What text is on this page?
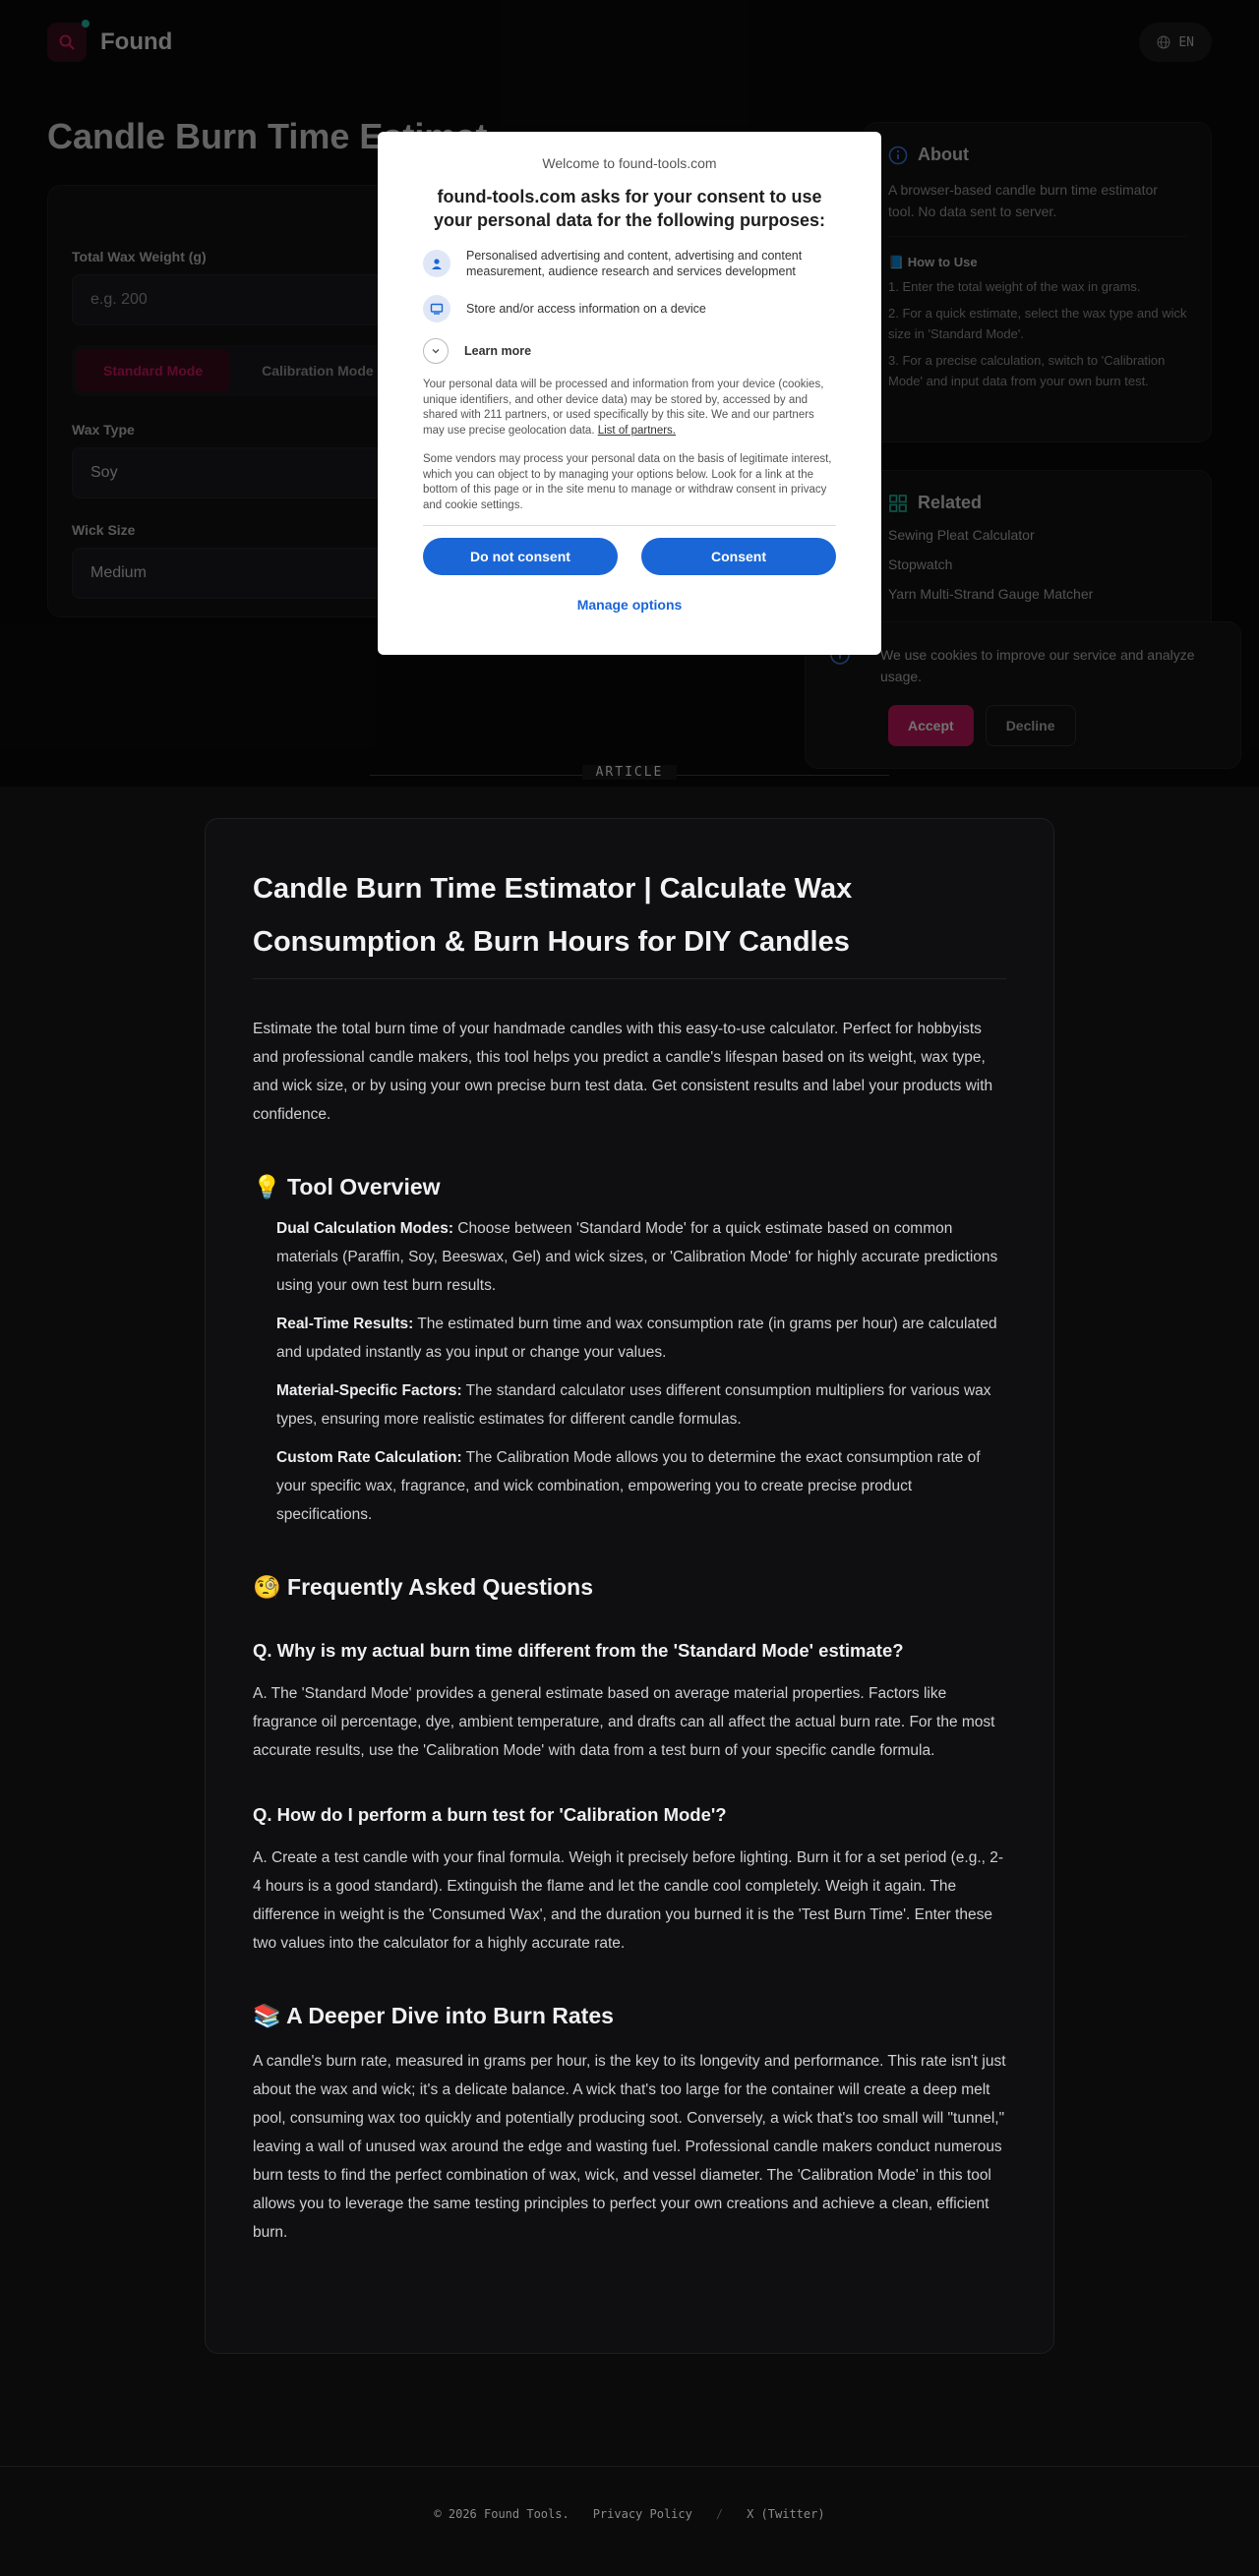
Welcome to found-tools.com
found-tools.com asks for your consent to use your personal data for the following purposes:
Personalised advertising and content, advertising and content measurement, audience research and services development
Store and/or access information on a device
Learn more
Your personal data will be processed and information from your device (cookies, unique identifiers, and other device data) may be stored by, accessed by and shared with 211 partners, or used specifically by this site. We and our partners may use precise geolocation data. List of partners.
Some vendors may process your personal data on the basis of legitimate interest, which you can object to by managing your options below. Look for a link at the bottom of this page or in the site menu to manage or withdraw consent in privacy and cookie settings.
Do not consent	Consent
Manage options
ARTICLE
Candle Burn Time Estimator | Calculate Wax Consumption & Burn Hours for DIY Candles

Estimate the total burn time of your handmade candles with this easy-to-use calculator. Perfect for hobbyists and professional candle makers, this tool helps you predict a candle's lifespan based on its weight, wax type, and wick size, or by using your own precise burn test data. Get consistent results and label your products with confidence.

💡 Tool Overview

Dual Calculation Modes: Choose between 'Standard Mode' for a quick estimate based on common materials (Paraffin, Soy, Beeswax, Gel) and wick sizes, or 'Calibration Mode' for highly accurate predictions using your own test burn results.

Real-Time Results: The estimated burn time and wax consumption rate (in grams per hour) are calculated and updated instantly as you input or change your values.

Material-Specific Factors: The standard calculator uses different consumption multipliers for various wax types, ensuring more realistic estimates for different candle formulas.

Custom Rate Calculation: The Calibration Mode allows you to determine the exact consumption rate of your specific wax, fragrance, and wick combination, empowering you to create precise product specifications.

🧐 Frequently Asked Questions
Q. Why is my actual burn time different from the 'Standard Mode' estimate?

A. The 'Standard Mode' provides a general estimate based on average material properties. Factors like fragrance oil percentage, dye, ambient temperature, and drafts can all affect the actual burn rate. For the most accurate results, use the 'Calibration Mode' with data from a test burn of your specific candle formula.

Q. How do I perform a burn test for 'Calibration Mode'?

A. Create a test candle with your final formula. Weigh it precisely before lighting. Burn it for a set period (e.g., 2-4 hours is a good standard). Extinguish the flame and let the candle cool completely. Weigh it again. The difference in weight is the 'Consumed Wax', and the duration you burned it is the 'Test Burn Time'. Enter these two values into the calculator for a highly accurate rate.

📚 A Deeper Dive into Burn Rates

A candle's burn rate, measured in grams per hour, is the key to its longevity and performance. This rate isn't just about the wax and wick; it's a delicate balance. A wick that's too large for the container will create a deep melt pool, consuming wax too quickly and potentially producing soot. Conversely, a wick that's too small will "tunnel," leaving a wall of unused wax around the edge and wasting fuel. Professional candle makers conduct numerous burn tests to find the perfect combination of wax, wick, and vessel diameter. The 'Calibration Mode' in this tool allows you to leverage the same testing principles to perfect your own creations and achieve a clean, efficient burn.

© 2026 Found Tools. Privacy Policy / X (Twitter)
